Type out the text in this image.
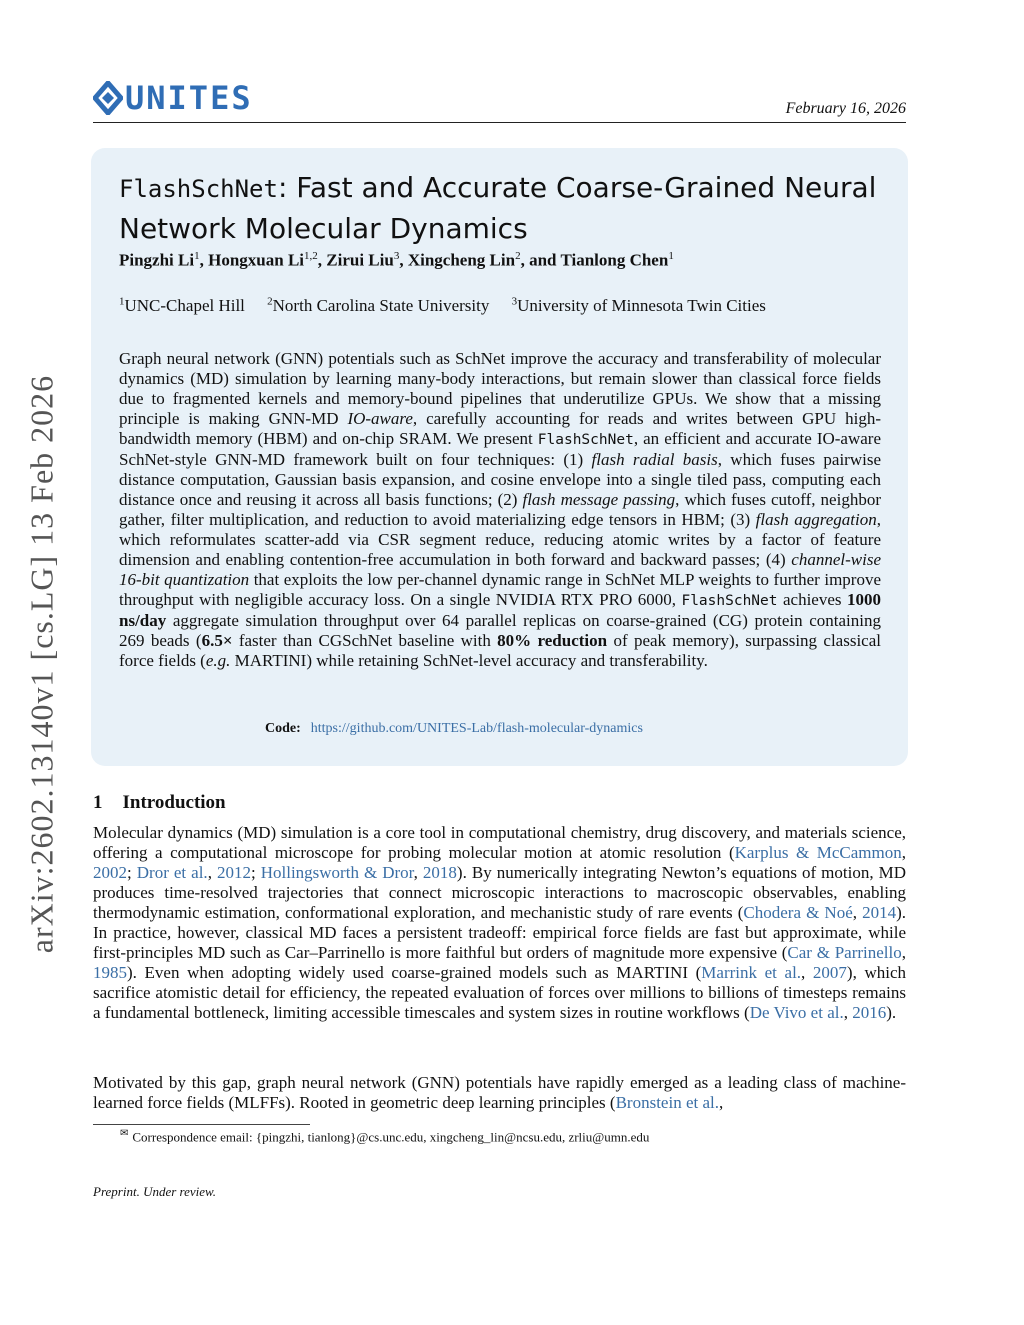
UNITES	February 16, 2026
arXiv:2602.13140v1 [cs.LG] 13 Feb 2026
FlashSchNet: Fast and Accurate Coarse-Grained Neural Network Molecular Dynamics
Pingzhi Li$^1$, Hongxuan Li$^{1,2}$, Zirui Liu$^3$, Xingcheng Lin$^2$, and Tianlong Chen$^1$
$^1$UNC-Chapel Hill $^2$North Carolina State University $^3$University of Minnesota Twin Cities
Graph neural network (GNN) potentials such as SchNet improve the accuracy and transferability of molecular dynamics (MD) simulation by learning many-body interactions, but remain slower than classical force fields due to fragmented kernels and memory-bound pipelines that underutilize GPUs. We show that a missing principle is making GNN-MD IO-aware, carefully accounting for reads and writes between GPU high-bandwidth memory (HBM) and on-chip SRAM. We present FlashSchNet, an efficient and accurate IO-aware SchNet-style GNN-MD framework built on four techniques: (1) flash radial basis, which fuses pairwise distance computation, Gaussian basis expansion, and cosine envelope into a single tiled pass, computing each distance once and reusing it across all basis functions; (2) flash message passing, which fuses cutoff, neighbor gather, filter multiplication, and reduction to avoid materializing edge tensors in HBM; (3) flash aggregation, which reformulates scatter-add via CSR segment reduce, reducing atomic writes by a factor of feature dimension and enabling contention-free accumulation in both forward and backward passes; (4) channel-wise 16-bit quantization that exploits the low per-channel dynamic range in SchNet MLP weights to further improve throughput with negligible accuracy loss. On a single NVIDIA RTX PRO 6000, FlashSchNet achieves 1000 ns/day aggregate simulation throughput over 64 parallel replicas on coarse-grained (CG) protein containing 269 beads (6.5× faster than CGSchNet baseline with 80% reduction of peak memory), surpassing classical force fields (e.g. MARTINI) while retaining SchNet-level accuracy and transferability.
Code: https://github.com/UNITES-Lab/flash-molecular-dynamics
1 Introduction
Molecular dynamics (MD) simulation is a core tool in computational chemistry, drug discovery, and materials science, offering a computational microscope for probing molecular motion at atomic resolution (Karplus & McCammon, 2002; Dror et al., 2012; Hollingsworth & Dror, 2018). By numerically integrating Newton’s equations of motion, MD produces time-resolved trajectories that connect microscopic interactions to macroscopic observables, enabling thermodynamic estimation, conformational exploration, and mechanistic study of rare events (Chodera & Noé, 2014). In practice, however, classical MD faces a persistent tradeoff: empirical force fields are fast but approximate, while first-principles MD such as Car–Parrinello is more faithful but orders of magnitude more expensive (Car & Parrinello, 1985). Even when adopting widely used coarse-grained models such as MARTINI (Marrink et al., 2007), which sacrifice atomistic detail for efficiency, the repeated evaluation of forces over millions to billions of timesteps remains a fundamental bottleneck, limiting accessible timescales and system sizes in routine workflows (De Vivo et al., 2016).
Motivated by this gap, graph neural network (GNN) potentials have rapidly emerged as a leading class of machine-learned force fields (MLFFs). Rooted in geometric deep learning principles (Bronstein et al.,
✉ Correspondence email: {pingzhi, tianlong}@cs.unc.edu, xingcheng_lin@ncsu.edu, zrliu@umn.edu
Preprint. Under review.
